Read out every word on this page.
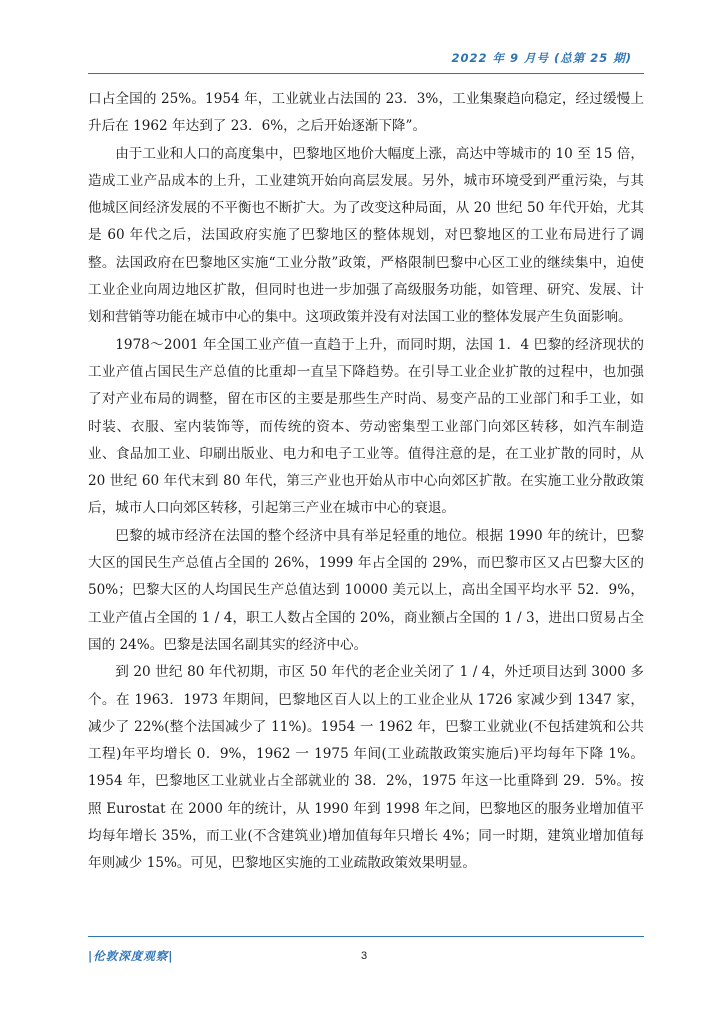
2022 年 9 月号 (总第 25 期)

口占全国的 25%。1954 年，工业就业占法国的 23．3%，工业集聚趋向稳定，经过缓慢上升后在 1962 年达到了 23．6%，之后开始逐渐下降”。

由于工业和人口的高度集中，巴黎地区地价大幅度上涨，高达中等城市的 10 至 15 倍，造成工业产品成本的上升，工业建筑开始向高层发展。另外，城市环境受到严重污染，与其他城区间经济发展的不平衡也不断扩大。为了改变这种局面，从 20 世纪 50 年代开始，尤其是 60 年代之后，法国政府实施了巴黎地区的整体规划，对巴黎地区的工业布局进行了调整。法国政府在巴黎地区实施“工业分散”政策，严格限制巴黎中心区工业的继续集中，迫使工业企业向周边地区扩散，但同时也进一步加强了高级服务功能，如管理、研究、发展、计划和营销等功能在城市中心的集中。这项政策并没有对法国工业的整体发展产生负面影响。

1978～2001 年全国工业产值一直趋于上升，而同时期，法国 1．4 巴黎的经济现状的工业产值占国民生产总值的比重却一直呈下降趋势。在引导工业企业扩散的过程中，也加强了对产业布局的调整，留在市区的主要是那些生产时尚、易变产品的工业部门和手工业，如时装、衣服、室内装饰等，而传统的资本、劳动密集型工业部门向郊区转移，如汽车制造业、食品加工业、印刷出版业、电力和电子工业等。值得注意的是，在工业扩散的同时，从 20 世纪 60 年代末到 80 年代，第三产业也开始从市中心向郊区扩散。在实施工业分散政策后，城市人口向郊区转移，引起第三产业在城市中心的衰退。

巴黎的城市经济在法国的整个经济中具有举足轻重的地位。根据 1990 年的统计，巴黎大区的国民生产总值占全国的 26%，1999 年占全国的 29%，而巴黎市区又占巴黎大区的 50%；巴黎大区的人均国民生产总值达到 10000 美元以上，高出全国平均水平 52．9%，工业产值占全国的 1 / 4，职工人数占全国的 20%，商业额占全国的 1 / 3，进出口贸易占全国的 24%。巴黎是法国名副其实的经济中心。

到 20 世纪 80 年代初期，市区 50 年代的老企业关闭了 1 / 4，外迁项目达到 3000 多个。在 1963．1973 年期间，巴黎地区百人以上的工业企业从 1726 家减少到 1347 家，减少了 22%(整个法国减少了 11%)。1954 一 1962 年，巴黎工业就业(不包括建筑和公共工程)年平均增长 0．9%，1962 一 1975 年间(工业疏散政策实施后)平均每年下降 1%。1954 年，巴黎地区工业就业占全部就业的 38．2%，1975 年这一比重降到 29．5%。按照 Eurostat 在 2000 年的统计，从 1990 年到 1998 年之间，巴黎地区的服务业增加值平均每年增长 35%，而工业(不含建筑业)增加值每年只增长 4%；同一时期，建筑业增加值每年则减少 15%。可见，巴黎地区实施的工业疏散政策效果明显。

|伦敦深度观察|	3
